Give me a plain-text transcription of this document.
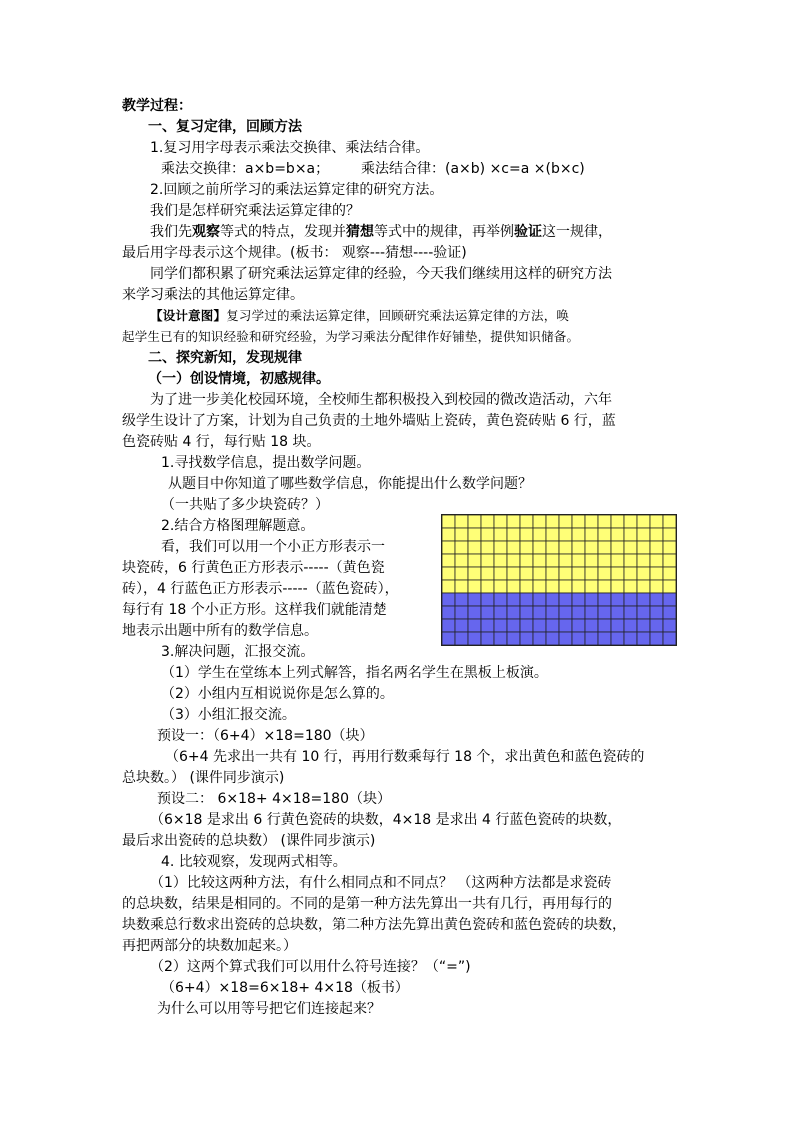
教学过程：
一、复习定律，回顾方法
1.复习用字母表示乘法交换律、乘法结合律。
乘法交换律：a×b=b×a； 乘法结合律：(a×b) ×c=a ×(b×c)
2.回顾之前所学习的乘法运算定律的研究方法。
我们是怎样研究乘法运算定律的？
我们先观察等式的特点，发现并猜想等式中的规律，再举例验证这一规律，
最后用字母表示这个规律。(板书： 观察---猜想----验证)
同学们都积累了研究乘法运算定律的经验，今天我们继续用这样的研究方法
来学习乘法的其他运算定律。
【设计意图】复习学过的乘法运算定律，回顾研究乘法运算定律的方法，唤
起学生已有的知识经验和研究经验，为学习乘法分配律作好铺垫，提供知识储备。
二、探究新知，发现规律
（一）创设情境，初感规律。
为了进一步美化校园环境，全校师生都积极投入到校园的微改造活动，六年
级学生设计了方案，计划为自己负责的土地外墙贴上瓷砖，黄色瓷砖贴 6 行，蓝
色瓷砖贴 4 行，每行贴 18 块。
1.寻找数学信息，提出数学问题。
从题目中你知道了哪些数学信息，你能提出什么数学问题？
（一共贴了多少块瓷砖？）
2.结合方格图理解题意。
看，我们可以用一个小正方形表示一
块瓷砖，6 行黄色正方形表示-----（黄色瓷
砖），4 行蓝色正方形表示-----（蓝色瓷砖），
每行有 18 个小正方形。这样我们就能清楚
地表示出题中所有的数学信息。
3.解决问题，汇报交流。
（1）学生在堂练本上列式解答，指名两名学生在黑板上板演。
（2）小组内互相说说你是怎么算的。
（3）小组汇报交流。
预设一：（6+4）×18=180（块）
（6+4 先求出一共有 10 行，再用行数乘每行 18 个，求出黄色和蓝色瓷砖的
总块数。） (课件同步演示)
预设二： 6×18+ 4×18=180（块）
（6×18 是求出 6 行黄色瓷砖的块数，4×18 是求出 4 行蓝色瓷砖的块数，
最后求出瓷砖的总块数） (课件同步演示)
4. 比较观察，发现两式相等。
（1）比较这两种方法，有什么相同点和不同点？ （这两种方法都是求瓷砖
的总块数，结果是相同的。不同的是第一种方法先算出一共有几行，再用每行的
块数乘总行数求出瓷砖的总块数，第二种方法先算出黄色瓷砖和蓝色瓷砖的块数，
再把两部分的块数加起来。）
（2）这两个算式我们可以用什么符号连接？（“=”)
（6+4）×18=6×18+ 4×18（板书）
为什么可以用等号把它们连接起来？
